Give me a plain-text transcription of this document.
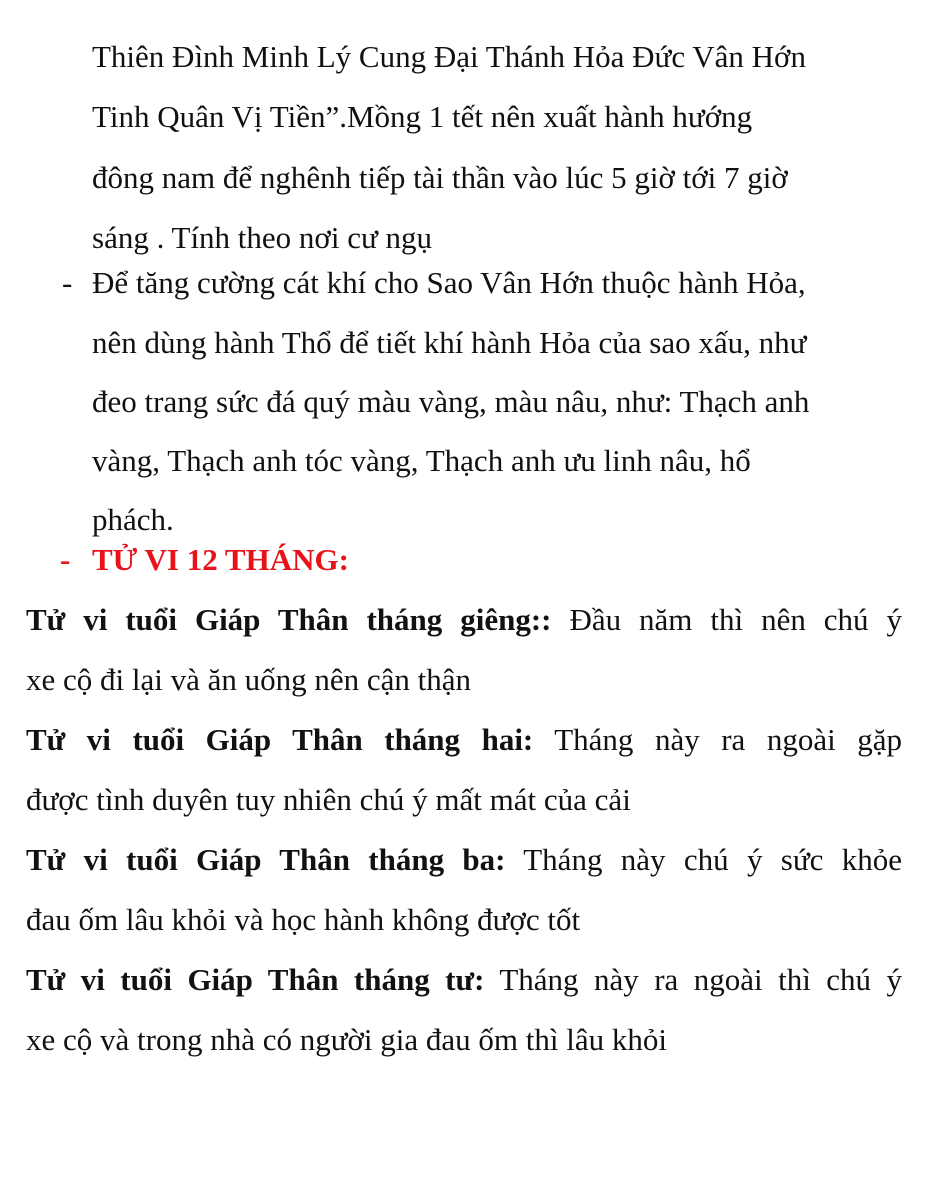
Thiên Đình Minh Lý Cung Đại Thánh Hỏa Đức Vân Hớn
Tinh Quân Vị Tiền”.Mồng 1 tết nên xuất hành hướng
đông nam để nghênh tiếp tài thần vào lúc 5 giờ tới 7 giờ
sáng . Tính theo nơi cư ngụ
- Để tăng cường cát khí cho Sao Vân Hớn thuộc hành Hỏa,
nên dùng hành Thổ để tiết khí hành Hỏa của sao xấu, như
đeo trang sức đá quý màu vàng, màu nâu, như: Thạch anh
vàng, Thạch anh tóc vàng, Thạch anh ưu linh nâu, hổ
phách.
- TỬ VI 12 THÁNG:
Tử vi tuổi Giáp Thân tháng giêng:: Đầu năm thì nên chú ý
xe cộ đi lại và ăn uống nên cận thận
Tử vi tuổi Giáp Thân tháng hai: Tháng này ra ngoài gặp
được tình duyên tuy nhiên chú ý mất mát của cải
Tử vi tuổi Giáp Thân tháng ba: Tháng này chú ý sức khỏe
đau ốm lâu khỏi và học hành không được tốt
Tử vi tuổi Giáp Thân tháng tư: Tháng này ra ngoài thì chú ý
xe cộ và trong nhà có người gia đau ốm thì lâu khỏi
